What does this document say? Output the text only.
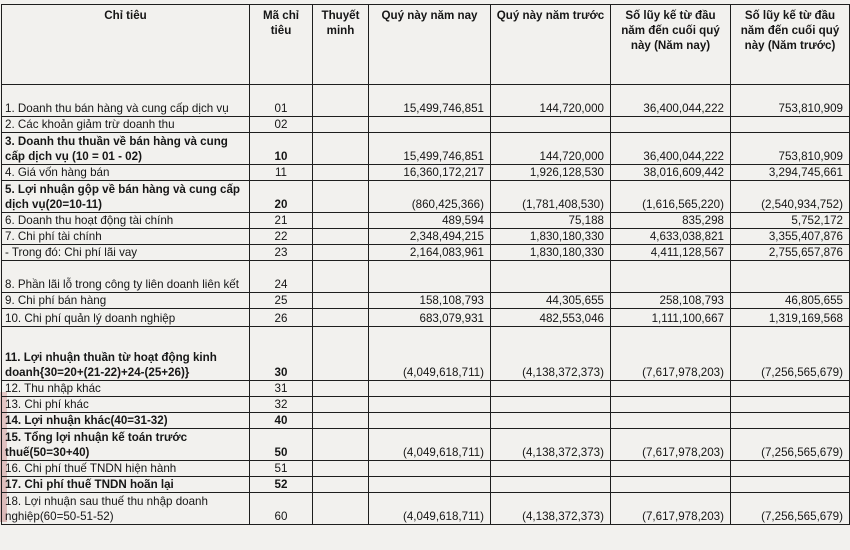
Chỉ tiêu	Mã chỉ tiêu	Thuyết minh	Quý này năm nay	Quý này năm trước	Số lũy kế từ đầu năm đến cuối quý này (Năm nay)	Số lũy kế từ đầu năm đến cuối quý này (Năm trước)
1. Doanh thu bán hàng và cung cấp dịch vụ	01		15,499,746,851	144,720,000	36,400,044,222	753,810,909
2. Các khoản giảm trừ doanh thu	02					
3. Doanh thu thuần về bán hàng và cung cấp dịch vụ (10 = 01 - 02)	10		15,499,746,851	144,720,000	36,400,044,222	753,810,909
4. Giá vốn hàng bán	11		16,360,172,217	1,926,128,530	38,016,609,442	3,294,745,661
5. Lợi nhuận gộp về bán hàng và cung cấp dịch vụ(20=10-11)	20		(860,425,366)	(1,781,408,530)	(1,616,565,220)	(2,540,934,752)
6. Doanh thu hoạt động tài chính	21		489,594	75,188	835,298	5,752,172
7. Chi phí tài chính	22		2,348,494,215	1,830,180,330	4,633,038,821	3,355,407,876
- Trong đó: Chi phí lãi vay	23		2,164,083,961	1,830,180,330	4,411,128,567	2,755,657,876
8. Phần lãi lỗ trong công ty liên doanh liên kết	24					
9. Chi phí bán hàng	25		158,108,793	44,305,655	258,108,793	46,805,655
10. Chi phí quản lý doanh nghiệp	26		683,079,931	482,553,046	1,111,100,667	1,319,169,568
11. Lợi nhuận thuần từ hoạt động kinh doanh{30=20+(21-22)+24-(25+26)}	30		(4,049,618,711)	(4,138,372,373)	(7,617,978,203)	(7,256,565,679)
12. Thu nhập khác	31					
13. Chi phí khác	32					
14. Lợi nhuận khác(40=31-32)	40					
15. Tổng lợi nhuận kế toán trước thuế(50=30+40)	50		(4,049,618,711)	(4,138,372,373)	(7,617,978,203)	(7,256,565,679)
16. Chi phí thuế TNDN hiện hành	51					
17. Chi phí thuế TNDN hoãn lại	52					
18. Lợi nhuận sau thuế thu nhập doanh nghiệp(60=50-51-52)	60		(4,049,618,711)	(4,138,372,373)	(7,617,978,203)	(7,256,565,679)
